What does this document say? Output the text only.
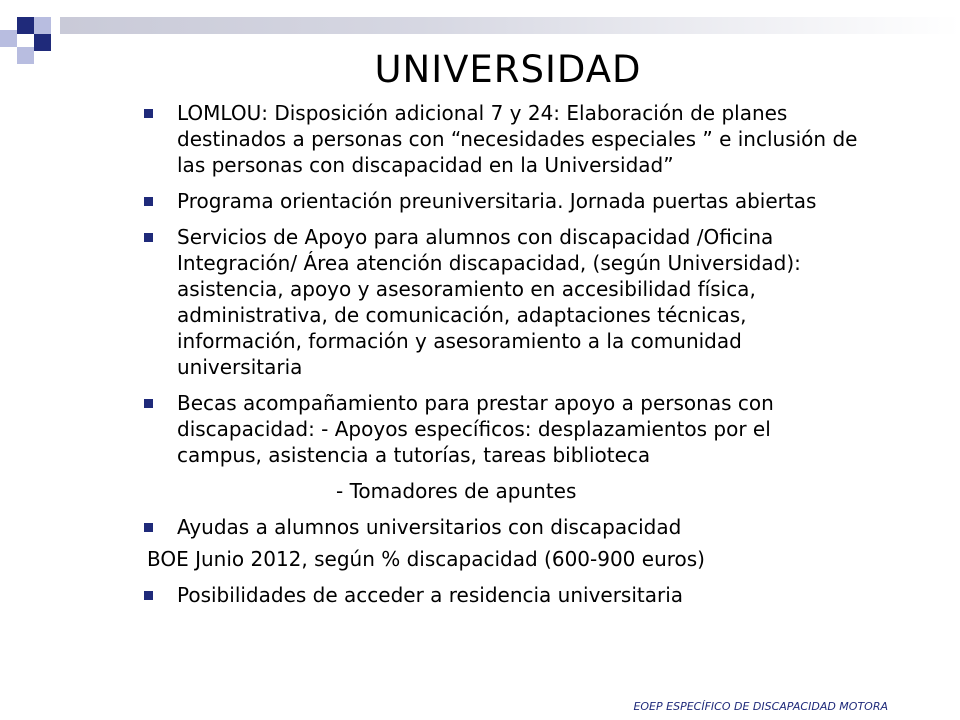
UNIVERSIDAD
LOMLOU: Disposición adicional 7 y 24: Elaboración de planes destinados a personas con “necesidades especiales ” e inclusión de las personas con discapacidad en la Universidad”
Programa orientación preuniversitaria. Jornada puertas abiertas
Servicios de Apoyo para alumnos con discapacidad /Oficina Integración/ Área atención discapacidad, (según Universidad): asistencia, apoyo y asesoramiento en accesibilidad física, administrativa, de comunicación, adaptaciones técnicas, información, formación y asesoramiento a la comunidad universitaria
Becas acompañamiento para prestar apoyo a personas con discapacidad: - Apoyos específicos: desplazamientos por el campus, asistencia a tutorías, tareas biblioteca
- Tomadores de apuntes
Ayudas a alumnos universitarios con discapacidad
BOE Junio 2012, según % discapacidad (600-900 euros)
Posibilidades de acceder a residencia universitaria
EOEP ESPECÍFICO DE DISCAPACIDAD MOTORA
